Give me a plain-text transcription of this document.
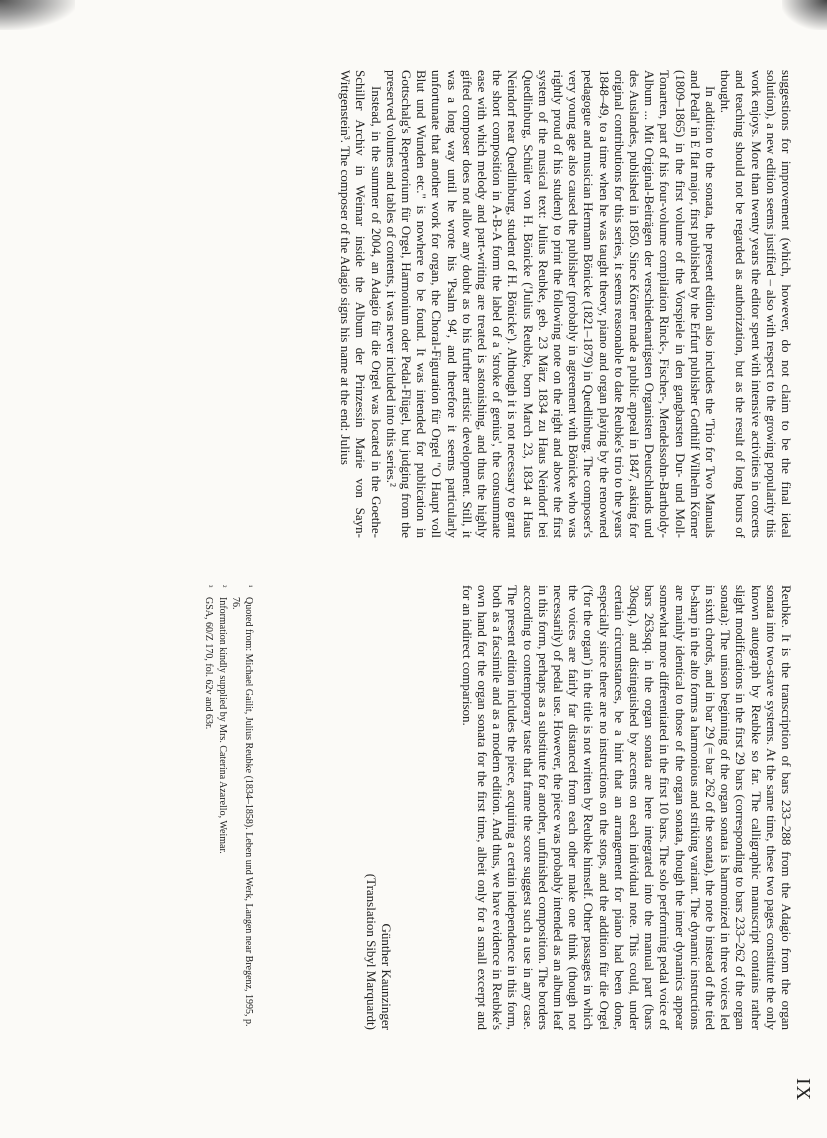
suggestions for improvement (which, however, do not claim to be the final ideal solution), a new edition seems justified – also with respect to the growing popularity this work enjoys. More than twenty years the editor spent with intensive activities in concerts and teaching should not be regarded as authorization, but as the result of long hours of thought.

In addition to the sonata, the present edition also includes the 'Trio for Two Manuals and Pedal' in E flat major, first published by the Erfurt publisher Gotthilf Wilhelm Körner (1809–1865) in the first volume of the Vorspiele in den gangbarsten Dur- und Moll-Tonarten, part of his four-volume compilation Rinck-, Fischer-, Mendelssohn-Bartholdy-Album ... Mit Original-Beiträgen der verschiedenartigsten Organisten Deutschlands und des Auslandes, published in 1850. Since Körner made a public appeal in 1847, asking for original contributions for this series, it seems reasonable to date Reubke's trio to the years 1848–49, to a time when he was taught theory, piano and organ playing by the renowned pedagogue and musician Hermann Bönicke (1821–1879) in Quedlinburg. The composer's very young age also caused the publisher (probably in agreement with Bönicke who was rightly proud of his student) to print the following note on the right and above the first system of the musical text: Julius Reubke, geb. 23 März 1834 zu Haus Neindorf bei Quedlinburg, Schüler von H. Bönicke ('Julius Reubke, born March 23, 1834 at Haus Neindorf near Quedlinburg, student of H. Bönicke'). Although it is not necessary to grant the short composition in A-B-A form the label of a 'stroke of genius', the consummate ease with which melody and part-writing are treated is astonishing, and thus the highly gifted composer does not allow any doubt as to his further artistic development. Still, it was a long way until he wrote his 'Psalm 94', and therefore it seems particularly unfortunate that another work for organ, the Choral-Figuration für Orgel "O Haupt voll Blut und Wunden etc." is nowhere to be found. It was intended for publication in Gottschalg's Repertorium für Orgel, Harmonium oder Pedal-Flügel, but judging from the preserved volumes and tables of contents, it was never included into this series.²

Instead, in the summer of 2004, an Adagio für die Orgel was located in the Goethe-Schiller Archiv in Weimar inside the Album der Prinzessin Marie von Sayn-Wittgenstein³. The composer of the Adagio signs his name at the end: Julius

Reubke. It is the transcription of bars 233–288 from the Adagio from the organ sonata into two-stave systems. At the same time, these two pages constitute the only known autograph by Reubke so far. The calligraphic manuscript contains rather slight modifications in the first 29 bars (corresponding to bars 233–262 of the organ sonata): The unison beginning of the organ sonata is harmonized in three voices led in sixth chords, and in bar 29 (= bar 262 of the sonata), the note b instead of the tied b-sharp in the alto forms a harmonious and striking variant. The dynamic instructions are mainly identical to those of the organ sonata, though the inner dynamics appear somewhat more differentiated in the first 10 bars. The solo performing pedal voice of bars 263sqq. in the organ sonata are here integrated into the manual part (bars 30sqq.), and distinguished by accents on each individual note. This could, under certain circumstances, be a hint that an arrangement for piano had been done, especially since there are no instructions on the stops, and the addition für die Orgel ('for the organ') in the title is not written by Reubke himself. Other passages in which the voices are fairly far distanced from each other make one think (though not necessarily) of pedal use. However, the piece was probably intended as an album leaf in this form, perhaps as a substitute for another, unfinished composition. The borders according to contemporary taste that frame the score suggest such a use in any case. The present edition includes the piece, acquiring a certain independence in this form, both as a facsimile and as a modern edition. And thus, we have evidence in Reubke's own hand for the organ sonata for the first time, albeit only for a small excerpt and for an indirect comparison.

Günther Kaunzinger
(Translation Sibyl Marquardt)
¹
Quoted from: Michael Gailit, Julius Reubke (1834–1858). Leben und Werk, Langen near Bregenz, 1995, p. 76.
²
Information kindly supplied by Mrs. Caterina Azarello, Weimar.
³
GSA, 60/Z 170, fol. 62v and 63r.
IX
